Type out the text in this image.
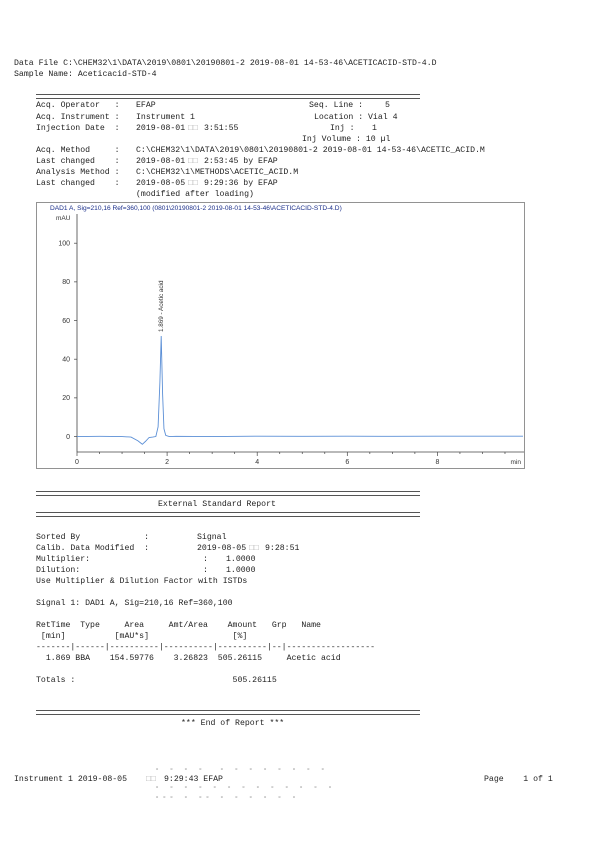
Data File C:\CHEM32\1\DATA\2019\0801\20190801-2 2019-08-01 14-53-46\ACETICACID-STD-4.D
Sample Name: Aceticacid-STD-4
Acq. Operator   : EFAP	Seq. Line :	5
Acq. Instrument : Instrument 1	Location : Vial 4
Injection Date  : 2019-08-01 □□ 3:51:55	Inj : 1
Inj Volume : 10 µl
Acq. Method     : C:\CHEM32\1\DATA\2019\0801\20190801-2 2019-08-01 14-53-46\ACETIC_ACID.M
Last changed    : 2019-08-01 □□ 2:53:45 by EFAP
Analysis Method : C:\CHEM32\1\METHODS\ACETIC_ACID.M
Last changed    : 2019-08-05 □□ 9:29:36 by EFAP
(modified after loading)
DAD1 A, Sig=210,16 Ref=360,100 (0801\20190801-2 2019-08-01 14-53-46\ACETICACID-STD-4.D)
mAU
0
20
40
60
80
100
0	2	4	6	8	min
1.869 - Acetic acid
External Standard Report
Sorted By             :	Signal
Calib. Data Modified  :	2019-08-05 □□ 9:28:51
Multiplier:	: 1.0000
Dilution:	: 1.0000
Use Multiplier & Dilution Factor with ISTDs
Signal 1: DAD1 A, Sig=210,16 Ref=360,100
RetTime  Type     Area     Amt/Area    Amount   Grp   Name
[min]          [mAU*s]                 [%]
-------|------|----------|----------|----------|--|------------------
1.869 BBA    154.59776    3.26823  505.26115     Acetic acid
Totals :                                505.26115
*** End of Report ***
Instrument 1 2019-08-05 □□ 9:29:43 EFAP	Page    1 of 1
° ° ° °  ° ° ° ° ° ° ° °
° ° ° ° ° ° ° ° ° ° ° ° °
°°° ° °° ° ° ° ° ° °
